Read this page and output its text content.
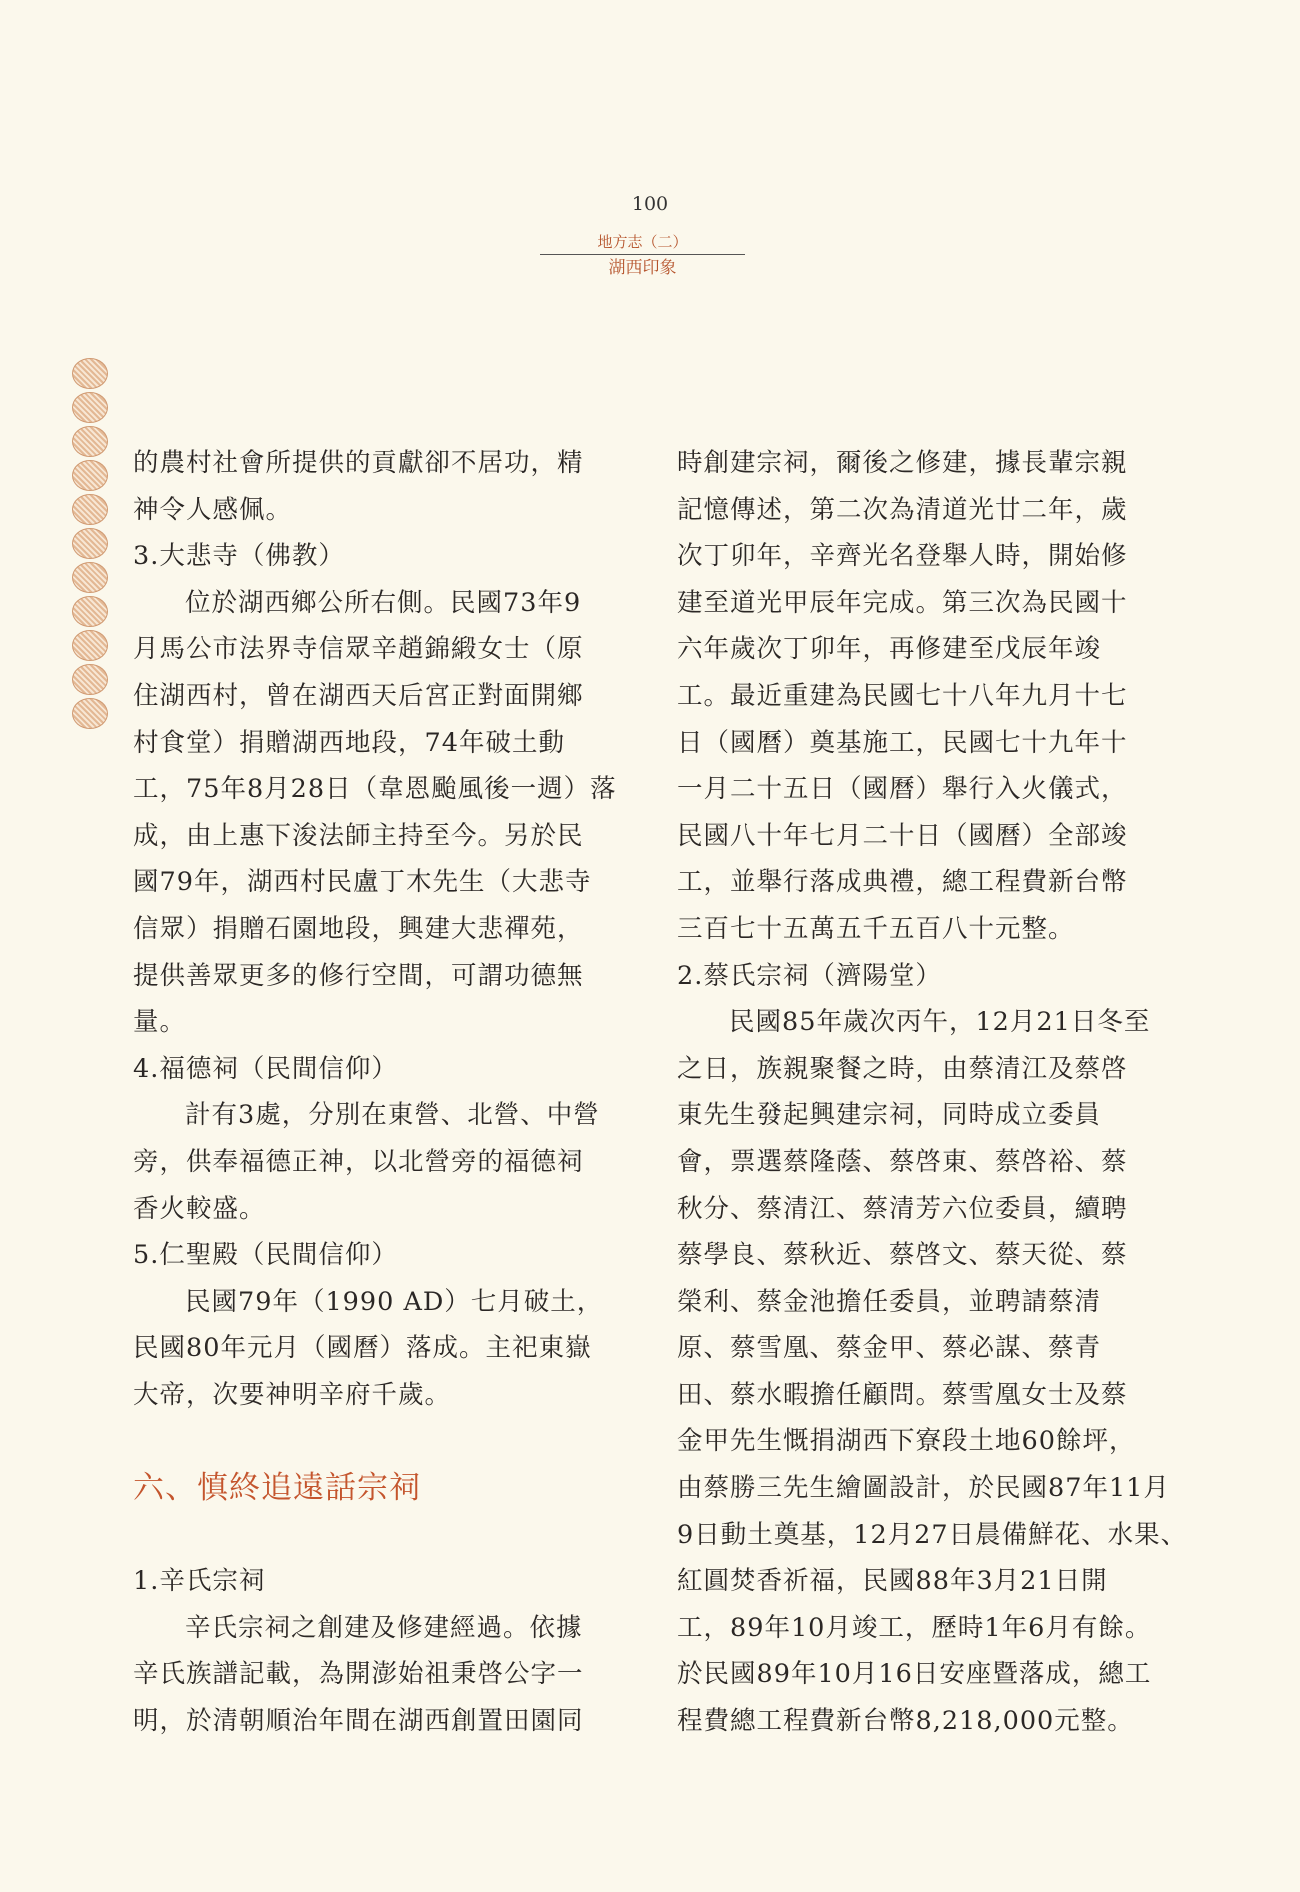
100
地方志（二）
湖西印象
的農村社會所提供的貢獻卻不居功，精
神令人感佩。
3.大悲寺（佛教）
位於湖西鄉公所右側。民國73年9
月馬公市法界寺信眾辛趙錦緞女士（原
住湖西村，曾在湖西天后宮正對面開鄉
村食堂）捐贈湖西地段，74年破土動
工，75年8月28日（韋恩颱風後一週）落
成，由上惠下浚法師主持至今。另於民
國79年，湖西村民盧丁木先生（大悲寺
信眾）捐贈石園地段，興建大悲禪苑，
提供善眾更多的修行空間，可謂功德無
量。
4.福德祠（民間信仰）
計有3處，分別在東營、北營、中營
旁，供奉福德正神，以北營旁的福德祠
香火較盛。
5.仁聖殿（民間信仰）
民國79年（1990 AD）七月破土，
民國80年元月（國曆）落成。主祀東嶽
大帝，次要神明辛府千歲。
六、慎終追遠話宗祠
1.辛氏宗祠
辛氏宗祠之創建及修建經過。依據
辛氏族譜記載，為開澎始祖秉啓公字一
明，於清朝順治年間在湖西創置田園同
時創建宗祠，爾後之修建，據長輩宗親
記憶傳述，第二次為清道光廿二年，歲
次丁卯年，辛齊光名登舉人時，開始修
建至道光甲辰年完成。第三次為民國十
六年歲次丁卯年，再修建至戊辰年竣
工。最近重建為民國七十八年九月十七
日（國曆）奠基施工，民國七十九年十
一月二十五日（國曆）舉行入火儀式，
民國八十年七月二十日（國曆）全部竣
工，並舉行落成典禮，總工程費新台幣
三百七十五萬五千五百八十元整。
2.蔡氏宗祠（濟陽堂）
民國85年歲次丙午，12月21日冬至
之日，族親聚餐之時，由蔡清江及蔡啓
東先生發起興建宗祠，同時成立委員
會，票選蔡隆蔭、蔡啓東、蔡啓裕、蔡
秋分、蔡清江、蔡清芳六位委員，續聘
蔡學良、蔡秋近、蔡啓文、蔡天從、蔡
榮利、蔡金池擔任委員，並聘請蔡清
原、蔡雪凰、蔡金甲、蔡必謀、蔡青
田、蔡水暇擔任顧問。蔡雪凰女士及蔡
金甲先生慨捐湖西下寮段土地60餘坪，
由蔡勝三先生繪圖設計，於民國87年11月
9日動土奠基，12月27日晨備鮮花、水果、
紅圓焚香祈福，民國88年3月21日開
工，89年10月竣工，歷時1年6月有餘。
於民國89年10月16日安座暨落成，總工
程費總工程費新台幣8,218,000元整。
